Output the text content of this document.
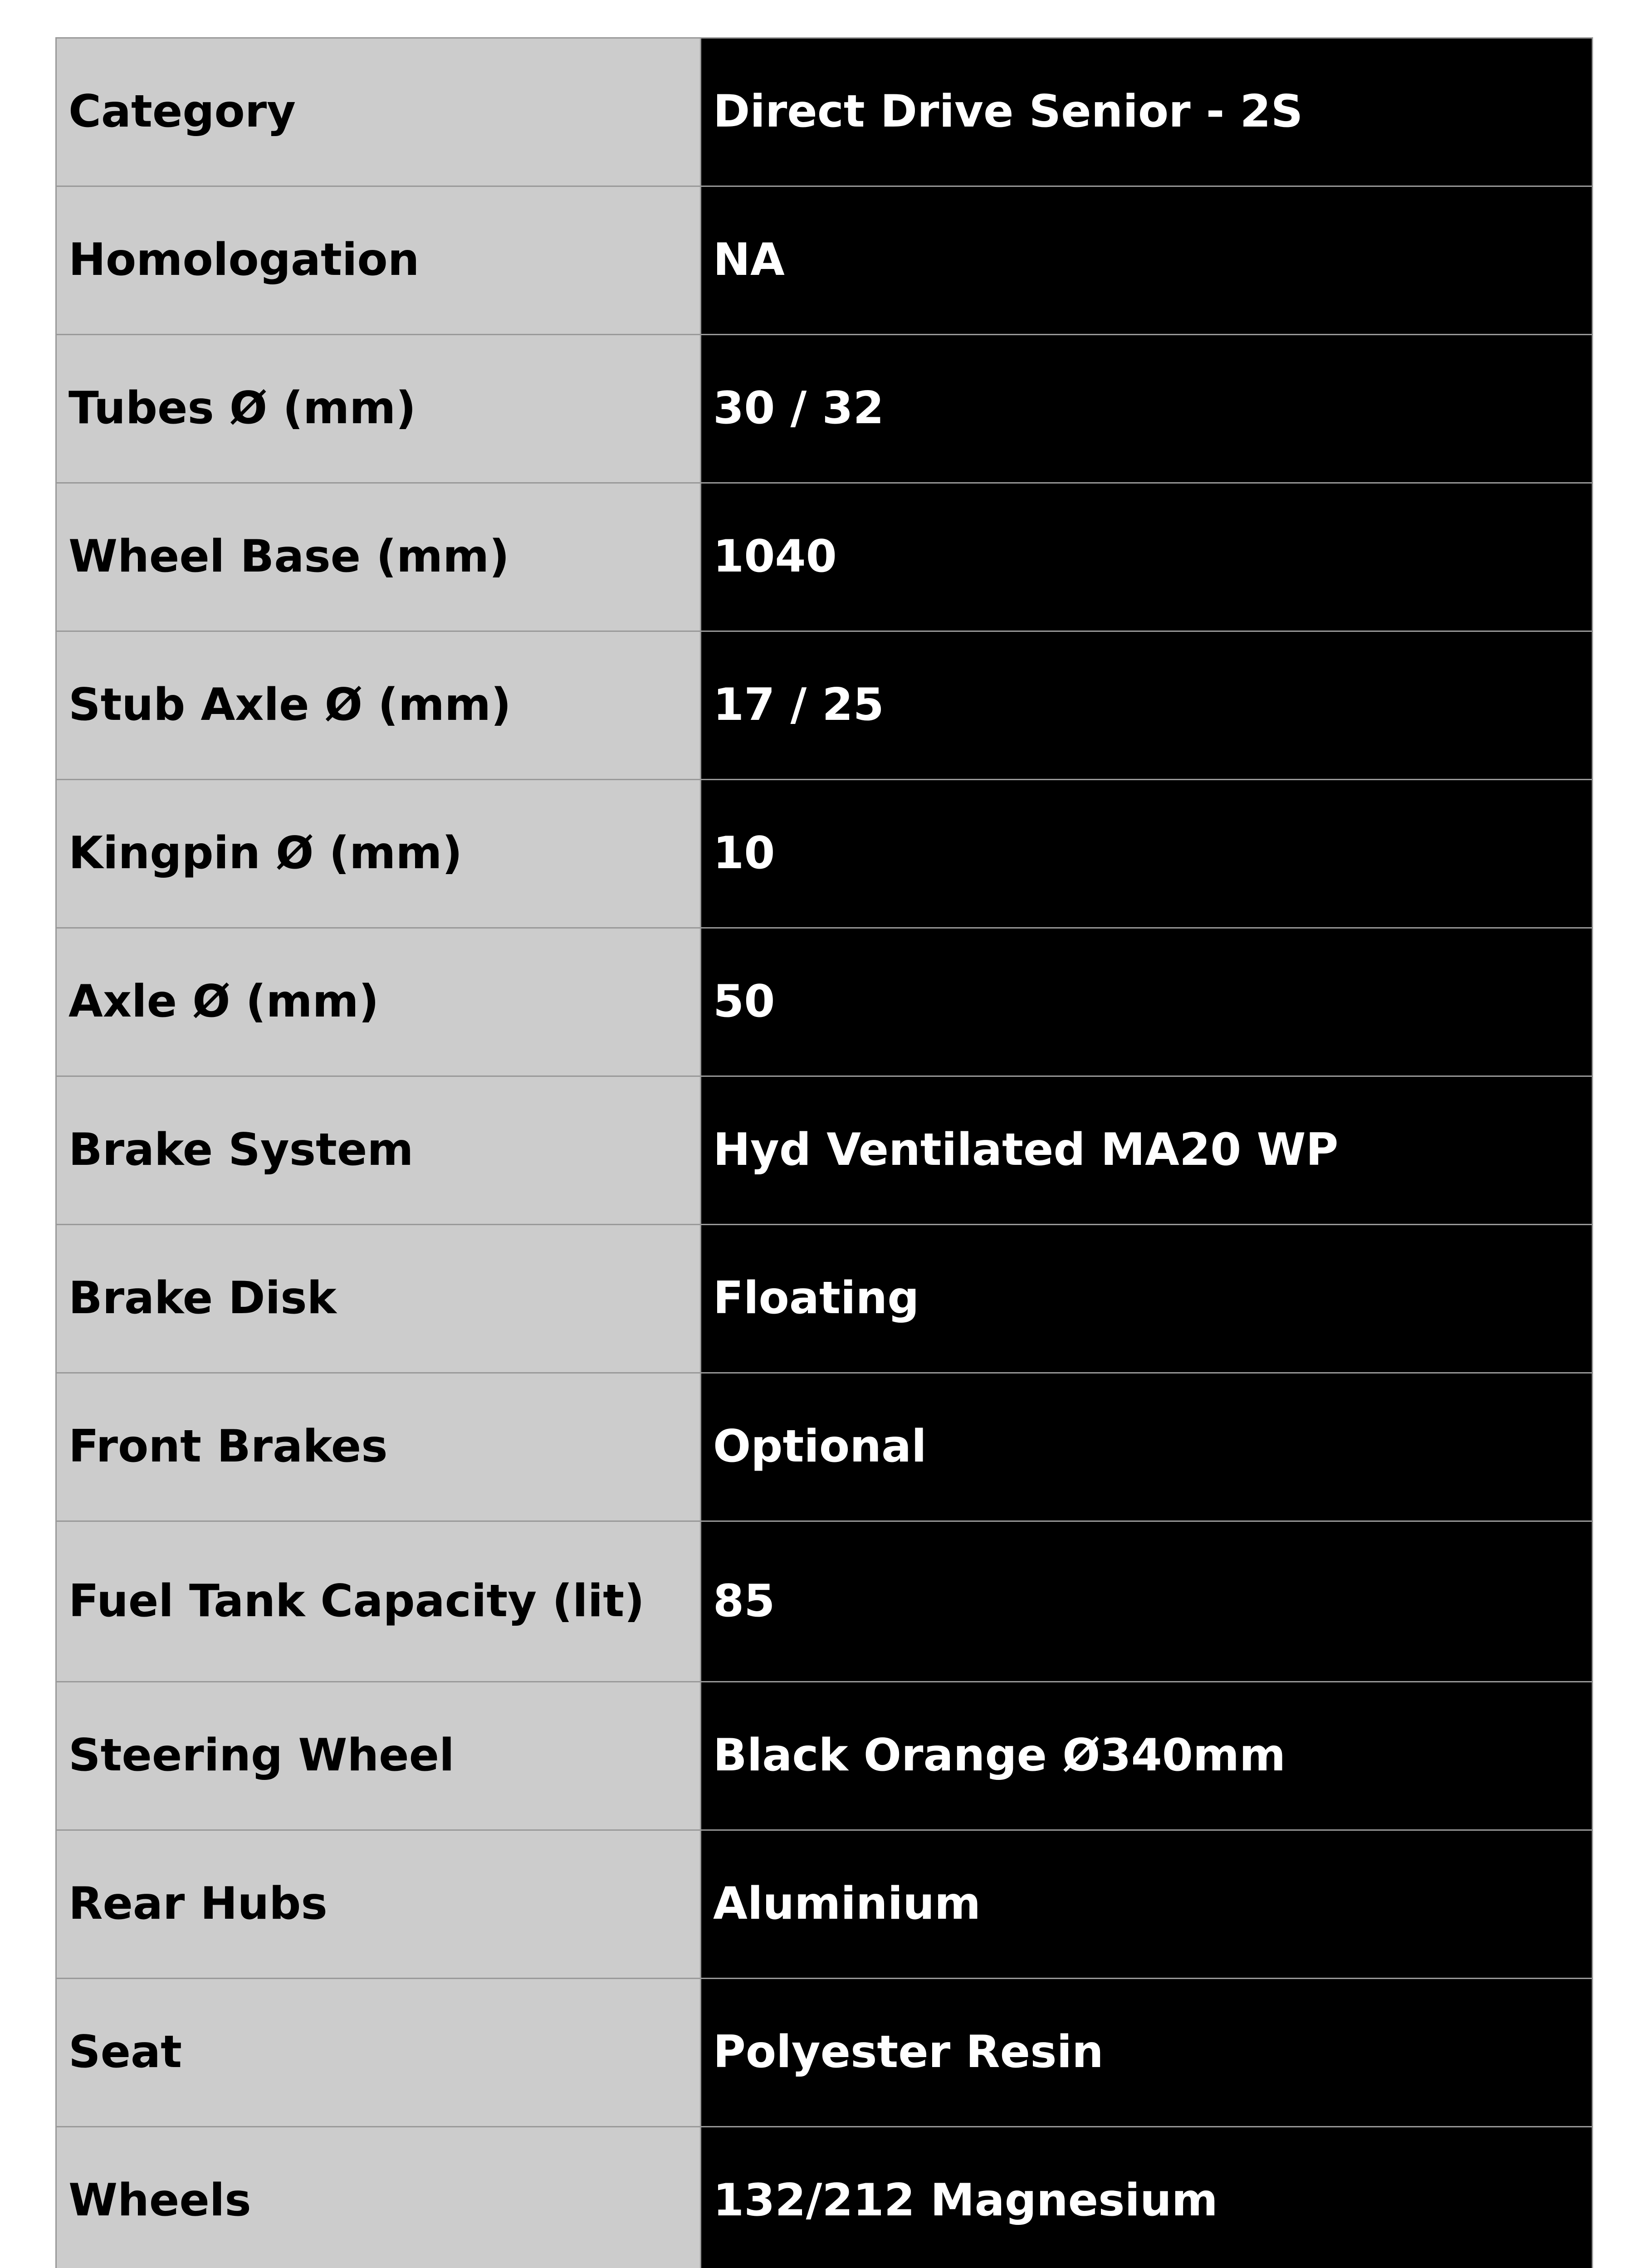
Category	Direct Drive Senior - 2S
Homologation	NA
Tubes Ø (mm)	30 / 32
Wheel Base (mm)	1040
Stub Axle Ø (mm)	17 / 25
Kingpin Ø (mm)	10
Axle Ø (mm)	50
Brake System	Hyd Ventilated MA20 WP
Brake Disk	Floating
Front Brakes	Optional
Fuel Tank Capacity (lit)	85
Steering Wheel	Black Orange Ø340mm
Rear Hubs	Aluminium
Seat	Polyester Resin
Wheels	132/212 Magnesium
